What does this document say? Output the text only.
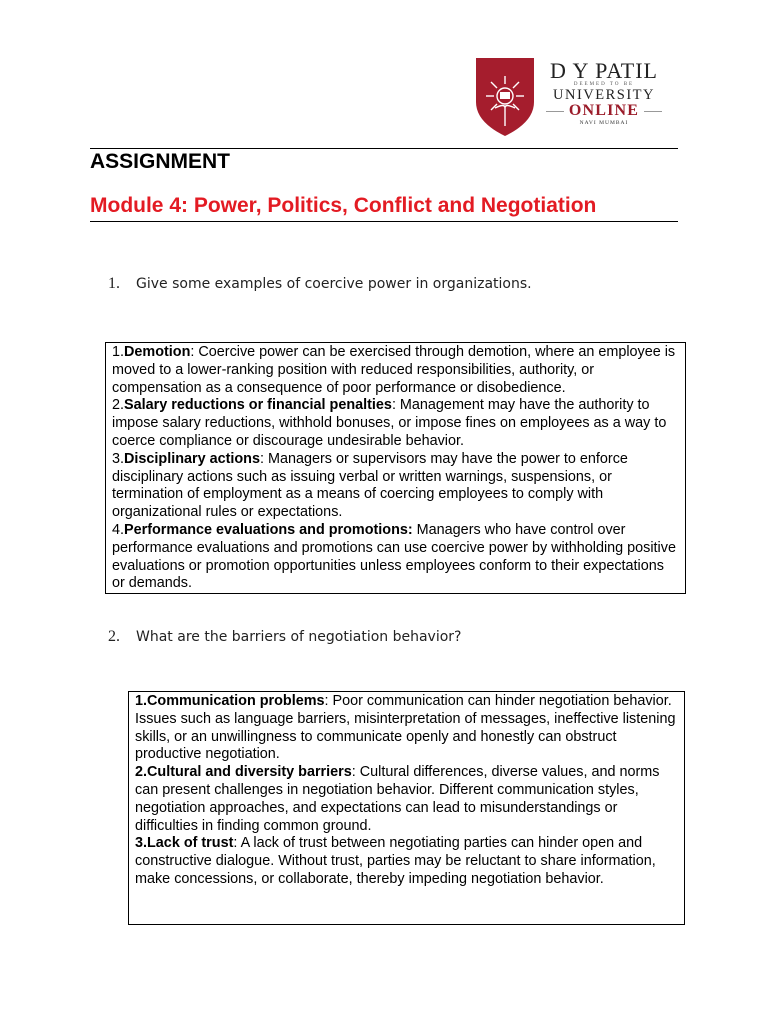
D Y PATIL
DEEMED TO BE
UNIVERSITY
ONLINE
NAVI MUMBAI
ASSIGNMENT
Module 4: Power, Politics, Conflict and Negotiation
1. Give some examples of coercive power in organizations.

1.Demotion: Coercive power can be exercised through demotion, where an employee is moved to a lower-ranking position with reduced responsibilities, authority, or compensation as a consequence of poor performance or disobedience.

2.Salary reductions or financial penalties: Management may have the authority to impose salary reductions, withhold bonuses, or impose fines on employees as a way to coerce compliance or discourage undesirable behavior.

3.Disciplinary actions: Managers or supervisors may have the power to enforce disciplinary actions such as issuing verbal or written warnings, suspensions, or termination of employment as a means of coercing employees to comply with organizational rules or expectations.

4.Performance evaluations and promotions: Managers who have control over performance evaluations and promotions can use coercive power by withholding positive evaluations or promotion opportunities unless employees conform to their expectations or demands.

2. What are the barriers of negotiation behavior?

1.Communication problems: Poor communication can hinder negotiation behavior. Issues such as language barriers, misinterpretation of messages, ineffective listening skills, or an unwillingness to communicate openly and honestly can obstruct productive negotiation.

2.Cultural and diversity barriers: Cultural differences, diverse values, and norms can present challenges in negotiation behavior. Different communication styles, negotiation approaches, and expectations can lead to misunderstandings or difficulties in finding common ground.

3.Lack of trust: A lack of trust between negotiating parties can hinder open and constructive dialogue. Without trust, parties may be reluctant to share information, make concessions, or collaborate, thereby impeding negotiation behavior.
